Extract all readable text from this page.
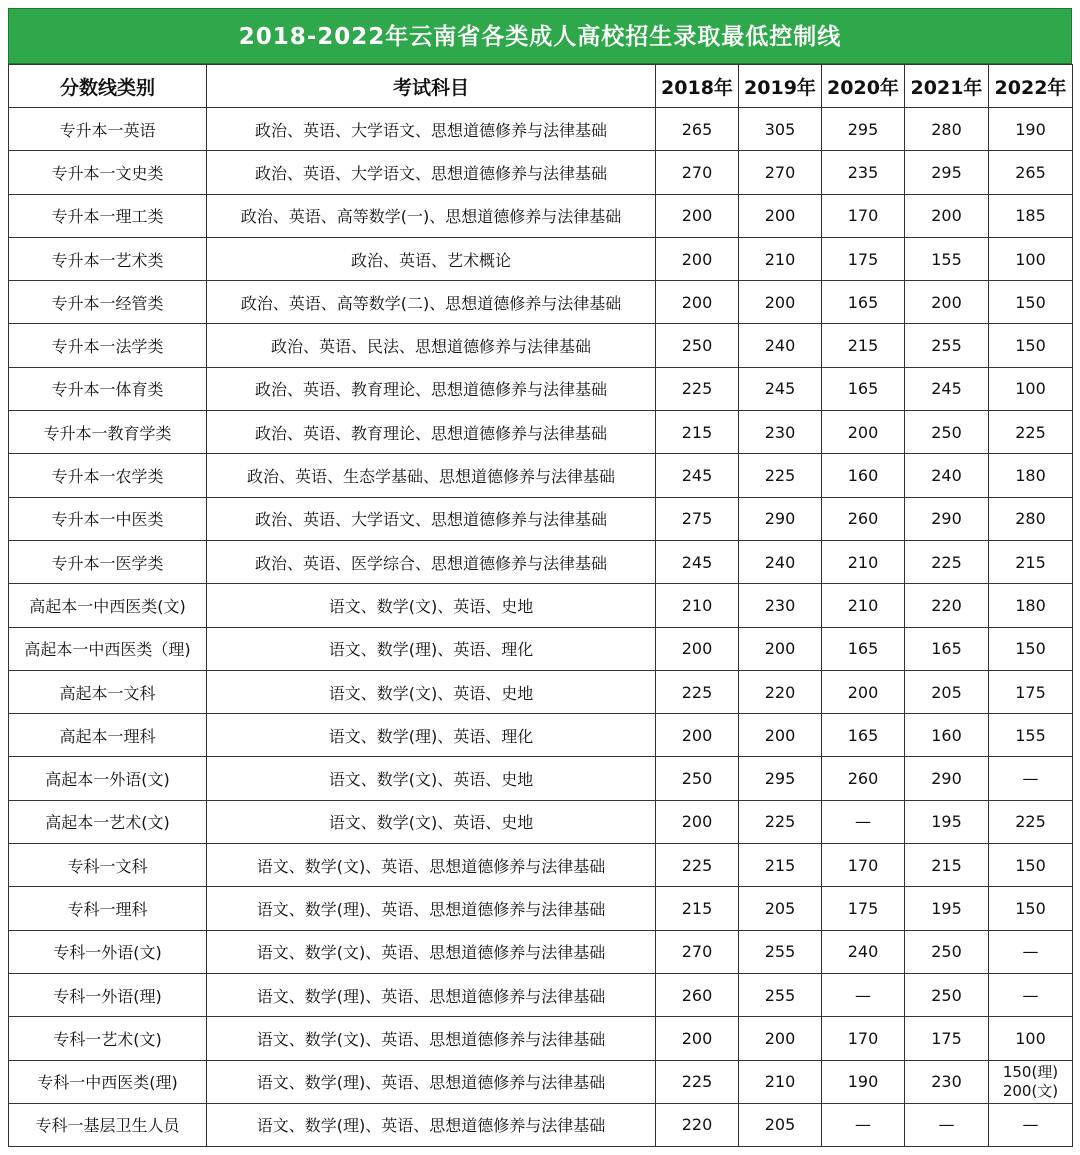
2018-2022年云南省各类成人高校招生录取最低控制线
分数线类别	考试科目	2018年	2019年	2020年	2021年	2022年
专升本一英语	政治、英语、大学语文、思想道德修养与法律基础	265	305	295	280	190
专升本一文史类	政治、英语、大学语文、思想道德修养与法律基础	270	270	235	295	265
专升本一理工类	政治、英语、高等数学(一)、思想道德修养与法律基础	200	200	170	200	185
专升本一艺术类	政治、英语、艺术概论	200	210	175	155	100
专升本一经管类	政治、英语、高等数学(二)、思想道德修养与法律基础	200	200	165	200	150
专升本一法学类	政治、英语、民法、思想道德修养与法律基础	250	240	215	255	150
专升本一体育类	政治、英语、教育理论、思想道德修养与法律基础	225	245	165	245	100
专升本一教育学类	政治、英语、教育理论、思想道德修养与法律基础	215	230	200	250	225
专升本一农学类	政治、英语、生态学基础、思想道德修养与法律基础	245	225	160	240	180
专升本一中医类	政治、英语、大学语文、思想道德修养与法律基础	275	290	260	290	280
专升本一医学类	政治、英语、医学综合、思想道德修养与法律基础	245	240	210	225	215
高起本一中西医类(文)	语文、数学(文)、英语、史地	210	230	210	220	180
高起本一中西医类（理)	语文、数学(理)、英语、理化	200	200	165	165	150
高起本一文科	语文、数学(文)、英语、史地	225	220	200	205	175
高起本一理科	语文、数学(理)、英语、理化	200	200	165	160	155
高起本一外语(文)	语文、数学(文)、英语、史地	250	295	260	290	—
高起本一艺术(文)	语文、数学(文)、英语、史地	200	225	—	195	225
专科一文科	语文、数学(文)、英语、思想道德修养与法律基础	225	215	170	215	150
专科一理科	语文、数学(理)、英语、思想道德修养与法律基础	215	205	175	195	150
专科一外语(文)	语文、数学(文)、英语、思想道德修养与法律基础	270	255	240	250	—
专科一外语(理)	语文、数学(理)、英语、思想道德修养与法律基础	260	255	—	250	—
专科一艺术(文)	语文、数学(文)、英语、思想道德修养与法律基础	200	200	170	175	100
专科一中西医类(理)	语文、数学(理)、英语、思想道德修养与法律基础	225	210	190	230	150(理)
200(文)

专科一基层卫生人员	语文、数学(理)、英语、思想道德修养与法律基础	220	205	—	—	—
